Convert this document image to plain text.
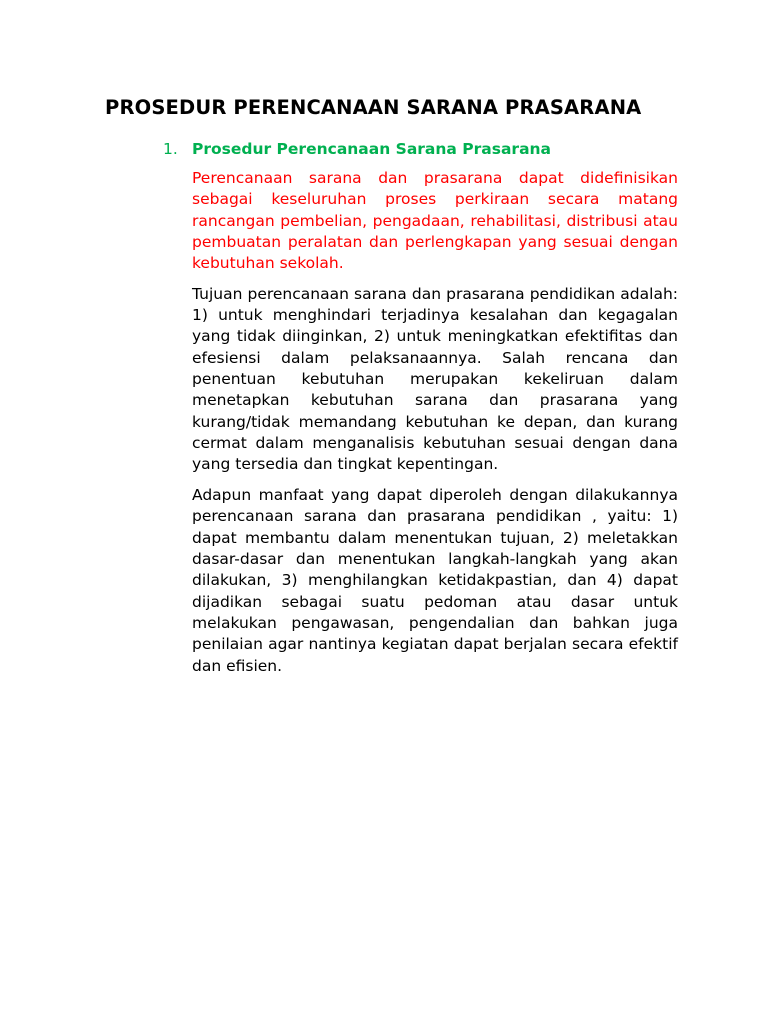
PROSEDUR PERENCANAAN SARANA PRASARANA
1. Prosedur Perencanaan Sarana Prasarana

Perencanaan sarana dan prasarana dapat didefinisikan sebagai keseluruhan proses perkiraan secara matang rancangan pembelian, pengadaan, rehabilitasi, distribusi atau pembuatan peralatan dan perlengkapan yang sesuai dengan kebutuhan sekolah.

Tujuan perencanaan sarana dan prasarana pendidikan adalah: 1) untuk menghindari terjadinya kesalahan dan kegagalan yang tidak diinginkan, 2) untuk meningkatkan efektifitas dan efesiensi dalam pelaksanaannya. Salah rencana dan penentuan kebutuhan merupakan kekeliruan dalam menetapkan kebutuhan sarana dan prasarana yang kurang/tidak memandang kebutuhan ke depan, dan kurang cermat dalam menganalisis kebutuhan sesuai dengan dana yang tersedia dan tingkat kepentingan.

Adapun manfaat yang dapat diperoleh dengan dilakukannya perencanaan sarana dan prasarana pendidikan , yaitu: 1) dapat membantu dalam menentukan tujuan, 2) meletakkan dasar-dasar dan menentukan langkah-langkah yang akan dilakukan, 3) menghilangkan ketidakpastian, dan 4) dapat dijadikan sebagai suatu pedoman atau dasar untuk melakukan pengawasan, pengendalian dan bahkan juga penilaian agar nantinya kegiatan dapat berjalan secara efektif dan efisien.
